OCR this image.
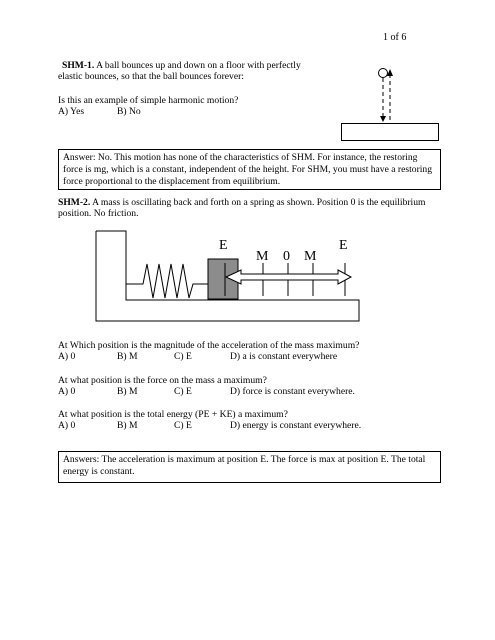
1 of 6
SHM-1. A ball bounces up and down on a floor with perfectly
elastic bounces, so that the ball bounces forever:
Is this an example of simple harmonic motion?
A) Yes	B) No
Answer: No. This motion has none of the characteristics of SHM. For instance, the restoring
force is mg, which is a constant, independent of the height. For SHM, you must have a restoring
force proportional to the displacement from equilibrium.
SHM-2. A mass is oscillating back and forth on a spring as shown. Position 0 is the equilibrium
position. No friction.
E
M 0 M
E
At Which position is the magnitude of the acceleration of the mass maximum?
A) 0	B) M	C) E	D) a is constant everywhere
At what position is the force on the mass a maximum?
A) 0	B) M	C) E	D) force is constant everywhere.
At what position is the total energy (PE + KE) a maximum?
A) 0	B) M	C) E	D) energy is constant everywhere.
Answers: The acceleration is maximum at position E. The force is max at position E. The total
energy is constant.
